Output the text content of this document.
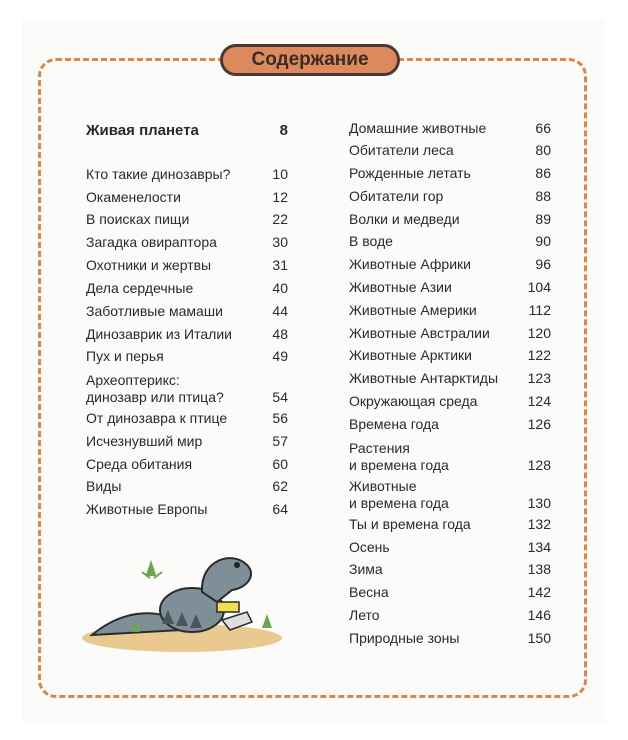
Содержание
Живая планета	8
Кто такие динозавры?	10
Окаменелости	12
В поисках пищи	22
Загадка овираптора	30
Охотники и жертвы	31
Дела сердечные	40
Заботливые мамаши	44
Динозаврик из Италии	48
Пух и перья	49
Археоптерикс:
динозавр или птица?	54
От динозавра к птице	56
Исчезнувший мир	57
Среда обитания	60
Виды	62
Животные Европы	64
Домашние животные	66
Обитатели леса	80
Рожденные летать	86
Обитатели гор	88
Волки и медведи	89
В воде	90
Животные Африки	96
Животные Азии	104
Животные Америки	112
Животные Австралии	120
Животные Арктики	122
Животные Антарктиды 123
Окружающая среда	124
Времена года	126
Растения
и времена года	128
Животные
и времена года	130
Ты и времена года	132
Осень	134
Зима	138
Весна	142
Лето	146
Природные зоны	150
